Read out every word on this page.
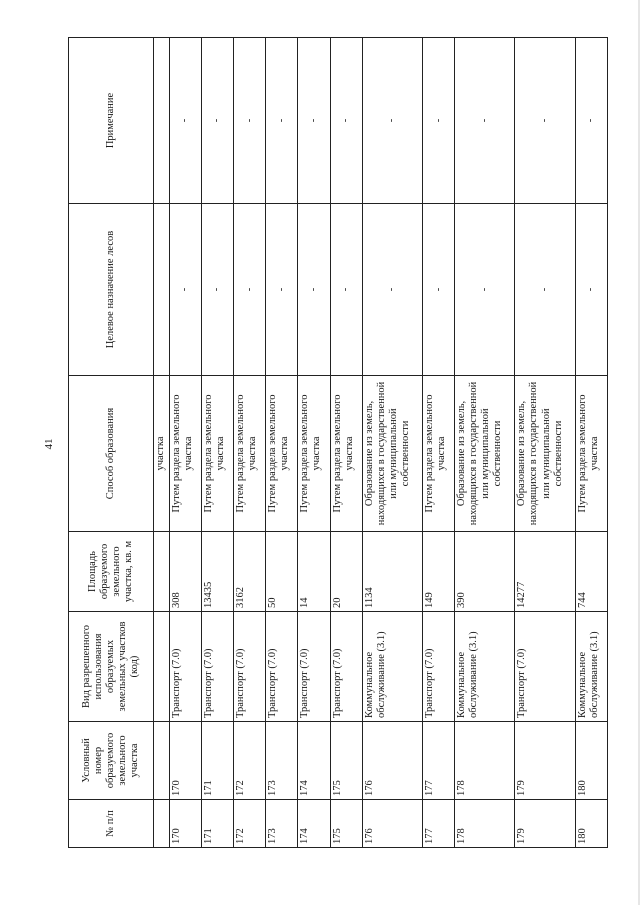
41
№ п/п	Условный номер образуемого земельного участка	Вид разрешенного использования образуемых земельных участков (код)	Площадь образуемого земельного участка, кв. м	Способ образования	Целевое назначение лесов	Примечание
				участка		
170	170	Транспорт (7.0)	308	Путем раздела земельного участка	-	-
171	171	Транспорт (7.0)	13435	Путем раздела земельного участка	-	-
172	172	Транспорт (7.0)	3162	Путем раздела земельного участка	-	-
173	173	Транспорт (7.0)	50	Путем раздела земельного участка	-	-
174	174	Транспорт (7.0)	14	Путем раздела земельного участка	-	-
175	175	Транспорт (7.0)	20	Путем раздела земельного участка	-	-
176	176	Коммунальное обслуживание (3.1)	1134	Образование из земель, находящихся в государственной или муниципальной собственности	-	-
177	177	Транспорт (7.0)	149	Путем раздела земельного участка	-	-
178	178	Коммунальное обслуживание (3.1)	390	Образование из земель, находящихся в государственной или муниципальной собственности	-	-
179	179	Транспорт (7.0)	14277	Образование из земель, находящихся в государственной или муниципальной собственности	-	-
180	180	Коммунальное обслуживание (3.1)	744	Путем раздела земельного участка	-	-
